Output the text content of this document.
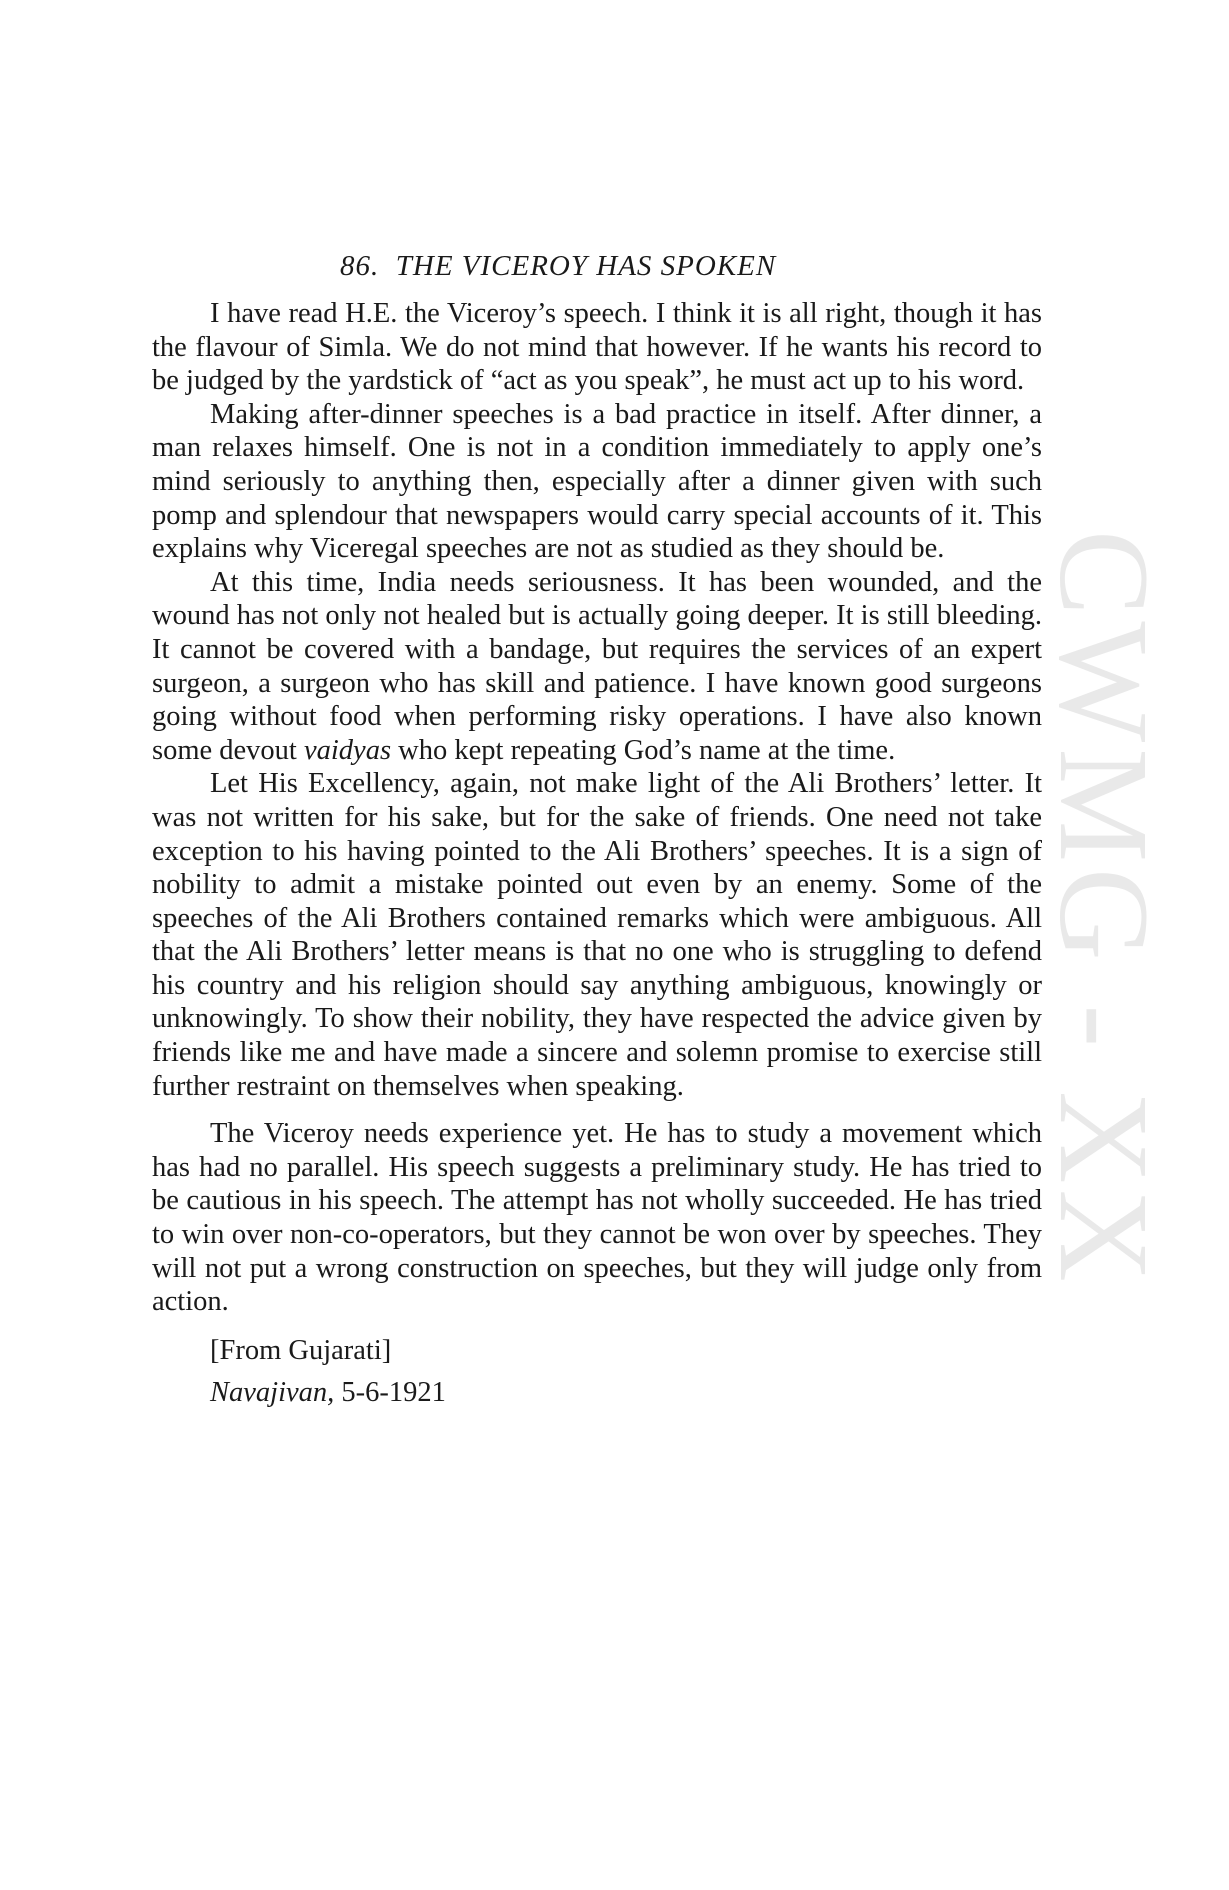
CWMG - XX
86. THE VICEROY HAS SPOKEN

I have read H.E. the Viceroy’s speech. I think it is all right, though it has the flavour of Simla. We do not mind that however. If he wants his record to be judged by the yardstick of “act as you speak”, he must act up to his word.

Making after-dinner speeches is a bad practice in itself. After dinner, a man relaxes himself. One is not in a condition immediately to apply one’s mind seriously to anything then, especially after a dinner given with such pomp and splendour that newspapers would carry special accounts of it. This explains why Viceregal speeches are not as studied as they should be.

At this time, India needs seriousness. It has been wounded, and the wound has not only not healed but is actually going deeper. It is still bleeding. It cannot be covered with a bandage, but requires the services of an expert surgeon, a surgeon who has skill and patience. I have known good surgeons going without food when performing risky operations. I have also known some devout vaidyas who kept repeating God’s name at the time.

Let His Excellency, again, not make light of the Ali Brothers’ letter. It was not written for his sake, but for the sake of friends. One need not take exception to his having pointed to the Ali Brothers’ speeches. It is a sign of nobility to admit a mistake pointed out even by an enemy. Some of the speeches of the Ali Brothers contained remarks which were ambiguous. All that the Ali Brothers’ letter means is that no one who is struggling to defend his country and his religion should say anything ambiguous, knowingly or unknowingly. To show their nobility, they have respected the advice given by friends like me and have made a sincere and solemn promise to exercise still further restraint on themselves when speaking.

The Viceroy needs experience yet. He has to study a movement which has had no parallel. His speech suggests a preliminary study. He has tried to be cautious in his speech. The attempt has not wholly succeeded. He has tried to win over non-co-operators, but they cannot be won over by speeches. They will not put a wrong construction on speeches, but they will judge only from action.

[From Gujarati]
Navajivan, 5-6-1921
